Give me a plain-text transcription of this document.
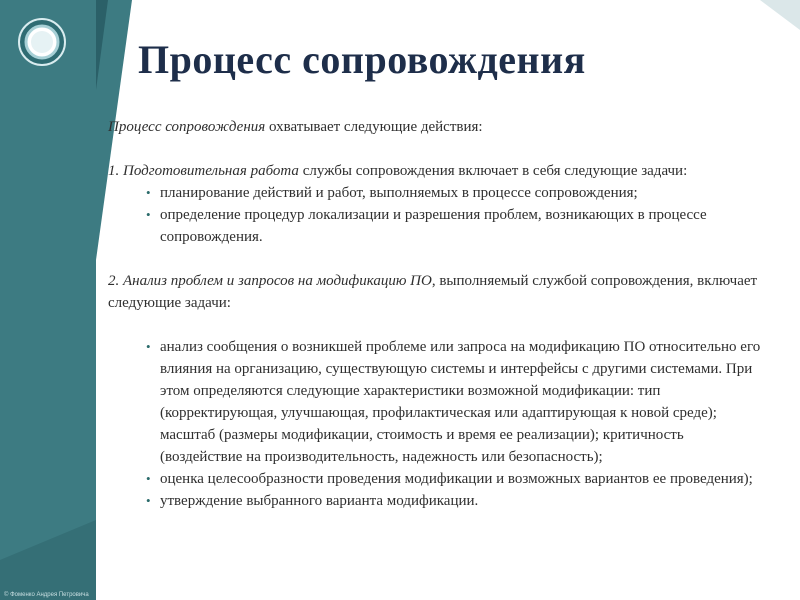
Процесс сопровождения

Процесс сопровождения охватывает следующие действия:

1. Подготовительная работа службы сопровождения включает в себя следующие задачи:

• планирование действий и работ, выполняемых в процессе сопровождения;
• определение процедур локализации и разрешения проблем, возникающих в процессе сопровождения.

2. Анализ проблем и запросов на модификацию ПО, выполняемый службой сопровождения, включает следующие задачи:

• анализ сообщения о возникшей проблеме или запроса на модификацию ПО относительно его влияния на организацию, существующую системы и интерфейсы с другими системами. При этом определяются следующие характеристики возможной модификации: тип (корректирующая, улучшающая, профилактическая или адаптирующая к новой среде); масштаб (размеры модификации, стоимость и время ее реализации); критичность (воздействие на производительность, надежность или безопасность);
• оценка целесообразности проведения модификации и возможных вариантов ее проведения);
• утверждение выбранного варианта модификации.
© Фоменко Андрея Петровича
